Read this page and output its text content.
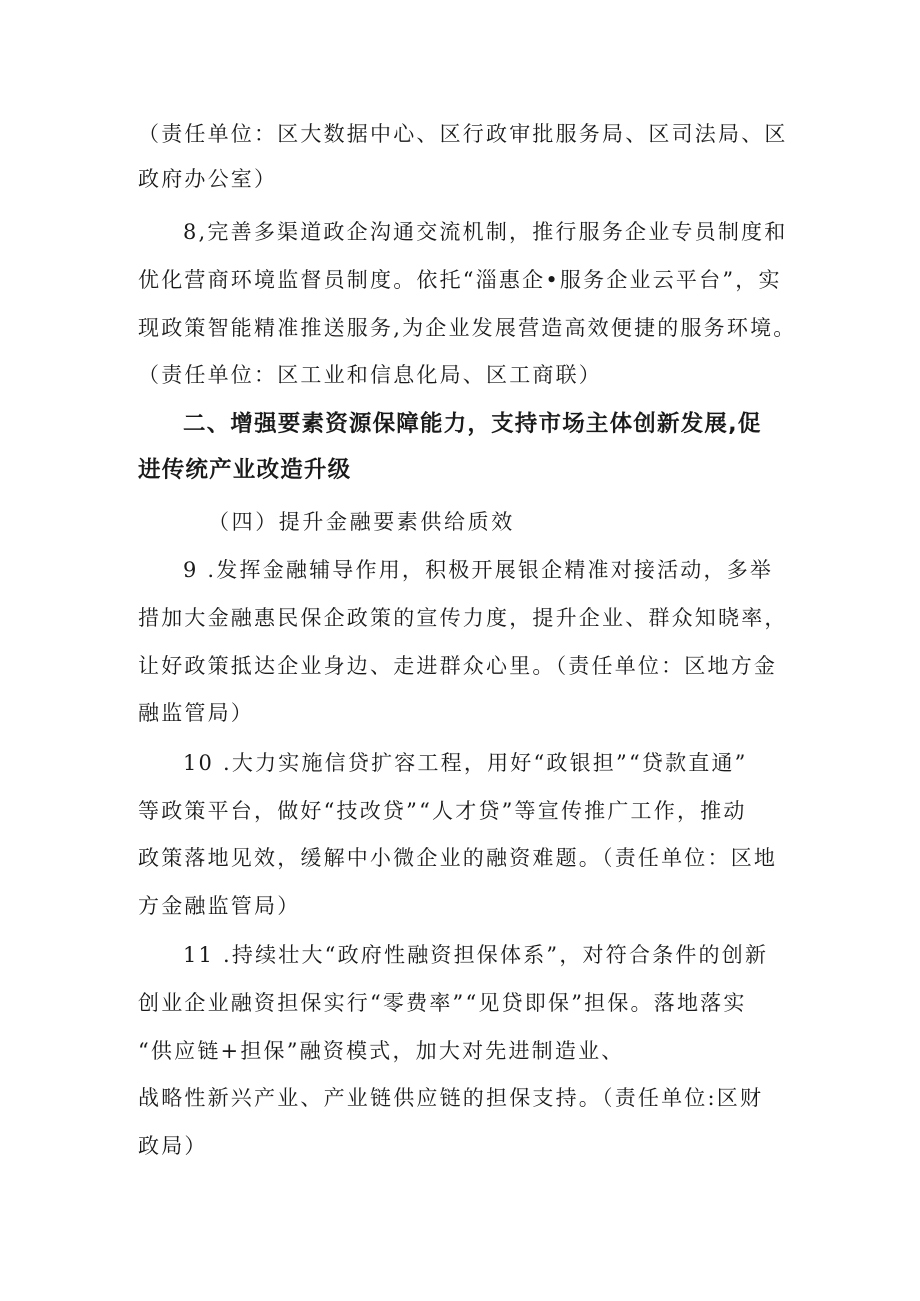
（责任单位：区大数据中心、区行政审批服务局、区司法局、区
政府办公室）
8,完善多渠道政企沟通交流机制，推行服务企业专员制度和
优化营商环境监督员制度。依托“淄惠企•服务企业云平台”，实
现政策智能精准推送服务,为企业发展营造高效便捷的服务环境。
（责任单位：区工业和信息化局、区工商联）
二、增强要素资源保障能力，支持市场主体创新发展,促
进传统产业改造升级
（四）提升金融要素供给质效
9 .发挥金融辅导作用，积极开展银企精准对接活动，多举
措加大金融惠民保企政策的宣传力度，提升企业、群众知晓率，
让好政策抵达企业身边、走进群众心里。（责任单位：区地方金
融监管局）
10 .大力实施信贷扩容工程，用好“政银担”“贷款直通”
等政策平台，做好“技改贷”“人才贷”等宣传推广工作，推动
政策落地见效，缓解中小微企业的融资难题。（责任单位：区地
方金融监管局）
11 .持续壮大“政府性融资担保体系”，对符合条件的创新
创业企业融资担保实行“零费率”“见贷即保”担保。落地落实
“供应链+担保”融资模式，加大对先进制造业、
战略性新兴产业、产业链供应链的担保支持。（责任单位:区财
政局）
